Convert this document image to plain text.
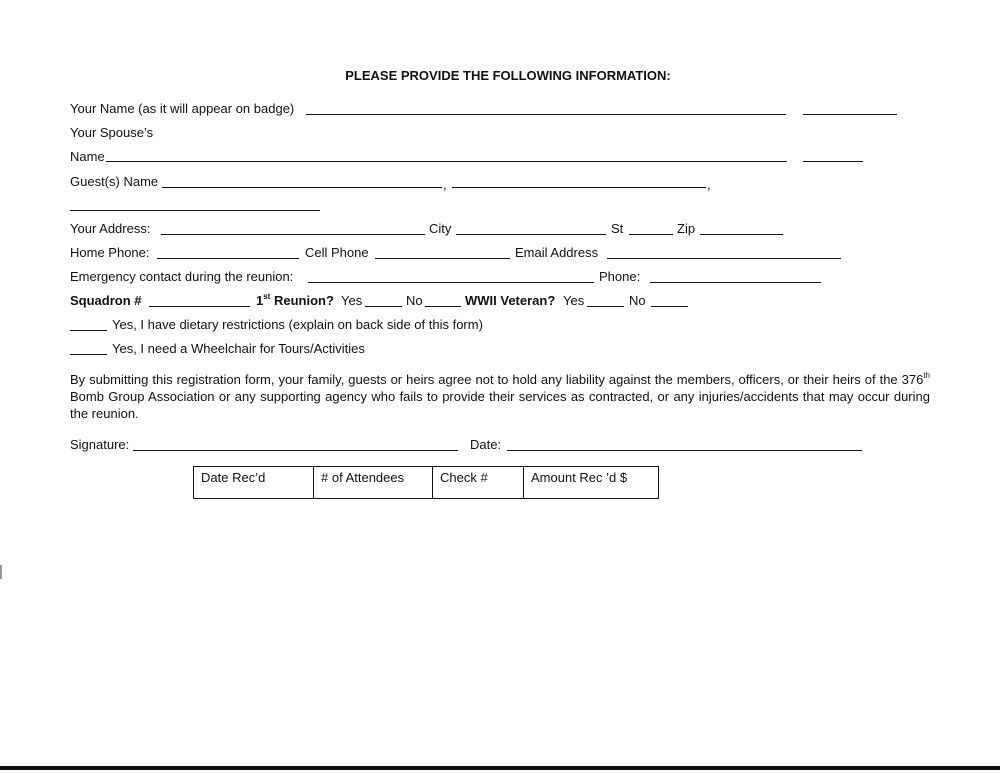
PLEASE PROVIDE THE FOLLOWING INFORMATION:
Your Name (as it will appear on badge)
Your Spouse’s
Name
Guest(s) Name	,	,
Your Address:	City	St	Zip
Home Phone:	Cell Phone	Email Address
Emergency contact during the reunion:	Phone:
Squadron #	1st Reunion? Yes	No	WWII Veteran? Yes	No
Yes, I have dietary restrictions (explain on back side of this form)
Yes, I need a Wheelchair for Tours/Activities
By submitting this registration form, your family, guests or heirs agree not to hold any liability against the members, officers, or their heirs of the 376th Bomb Group Association or any supporting agency who fails to provide their services as contracted, or any injuries/accidents that may occur during the reunion.
Signature:	Date:
Date Rec’d	# of Attendees	Check #	Amount Rec ’d $
